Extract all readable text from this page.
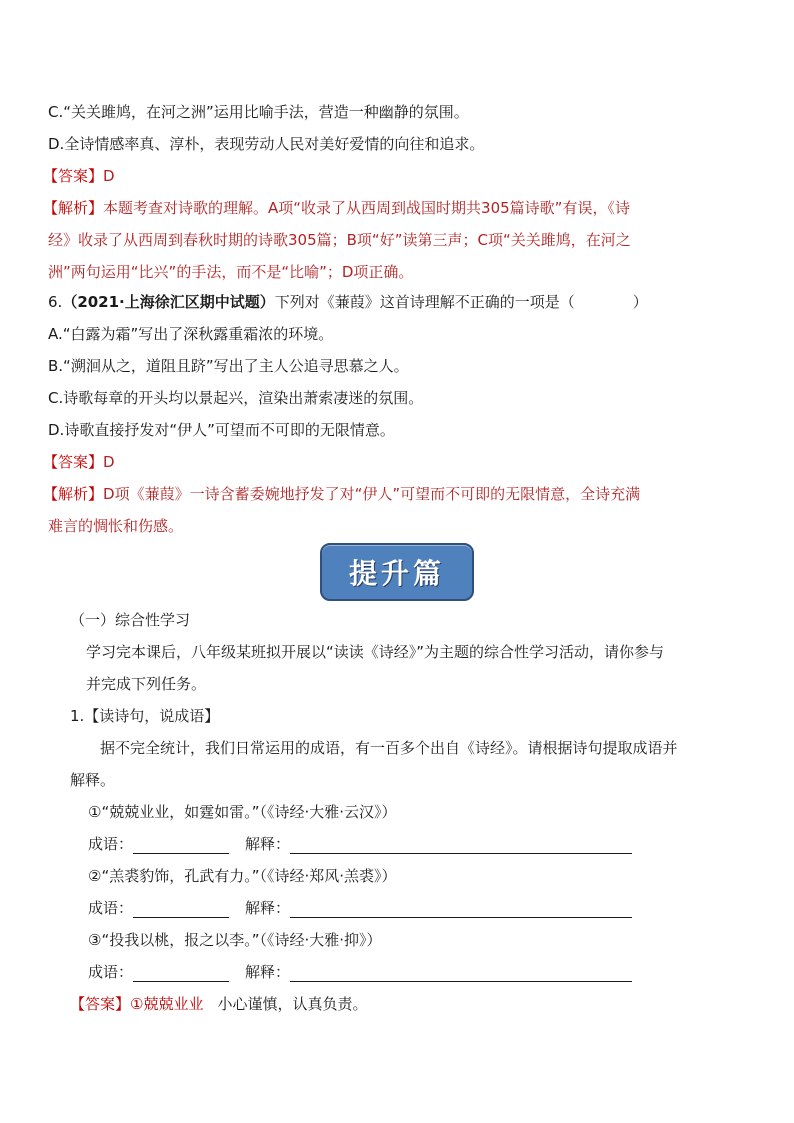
C.“关关雎鸠，在河之洲”运用比喻手法，营造一种幽静的氛围。
D.全诗情感率真、淳朴，表现劳动人民对美好爱情的向往和追求。
【答案】D
【解析】本题考查对诗歌的理解。A项“收录了从西周到战国时期共305篇诗歌”有误，《诗
经》收录了从西周到春秋时期的诗歌305篇；B项“好”读第三声；C项“关关雎鸠，在河之
洲”两句运用“比兴”的手法，而不是“比喻”；D项正确。
6.（2021·上海徐汇区期中试题）下列对《蒹葭》这首诗理解不正确的一项是（	）
A.“白露为霜”写出了深秋露重霜浓的环境。
B.“溯洄从之，道阻且跻”写出了主人公追寻思慕之人。
C.诗歌每章的开头均以景起兴，渲染出萧索凄迷的氛围。
D.诗歌直接抒发对“伊人”可望而不可即的无限情意。
【答案】D
【解析】D项《蒹葭》一诗含蓄委婉地抒发了对“伊人”可望而不可即的无限情意，全诗充满
难言的惆怅和伤感。
提升篇
（一）综合性学习
学习完本课后，八年级某班拟开展以“读读《诗经》”为主题的综合性学习活动，请你参与
并完成下列任务。
1.【读诗句，说成语】
据不完全统计，我们日常运用的成语，有一百多个出自《诗经》。请根据诗句提取成语并
解释。
①“兢兢业业，如霆如雷。”（《诗经·大雅·云汉》）
成语：	解释：
②“羔裘豹饰，孔武有力。”（《诗经·郑风·羔裘》）
成语：	解释：
③“投我以桃，报之以李。”（《诗经·大雅·抑》）
成语：	解释：
【答案】①兢兢业业 小心谨慎，认真负责。
